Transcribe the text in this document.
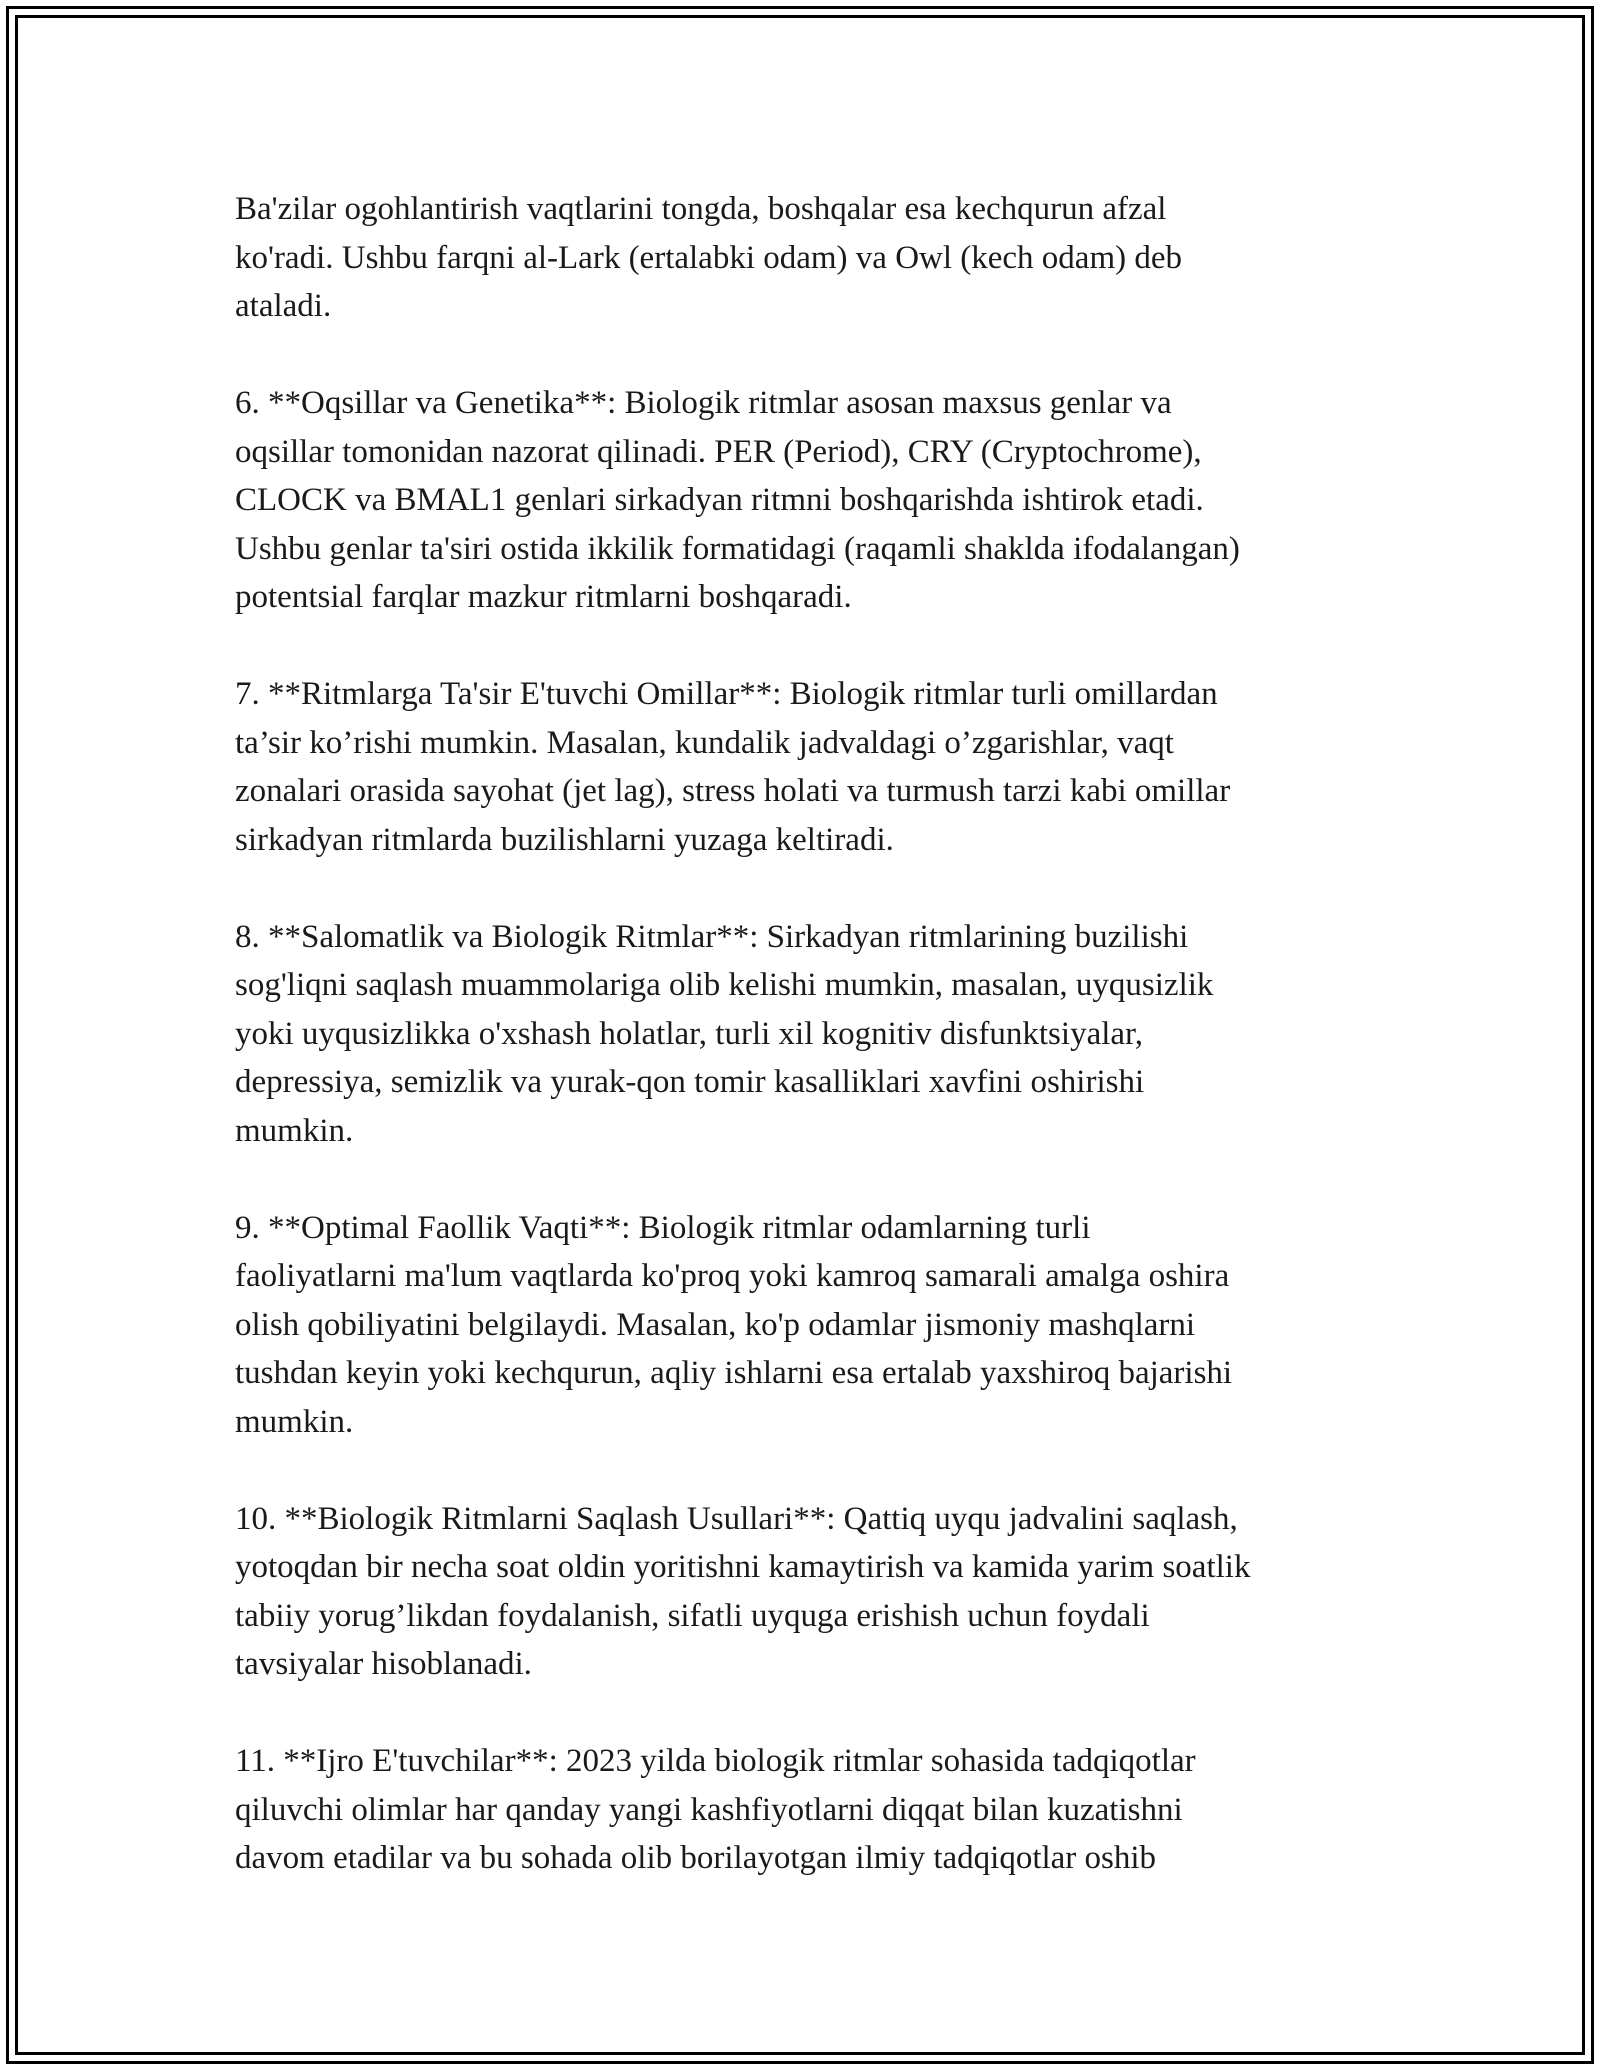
Ba'zilar ogohlantirish vaqtlarini tongda, boshqalar esa kechqurun afzal
ko'radi. Ushbu farqni al-Lark (ertalabki odam) va Owl (kech odam) deb
ataladi.

6. **Oqsillar va Genetika**: Biologik ritmlar asosan maxsus genlar va
oqsillar tomonidan nazorat qilinadi. PER (Period), CRY (Cryptochrome),
CLOCK va BMAL1 genlari sirkadyan ritmni boshqarishda ishtirok etadi.
Ushbu genlar ta'siri ostida ikkilik formatidagi (raqamli shaklda ifodalangan)
potentsial farqlar mazkur ritmlarni boshqaradi.

7. **Ritmlarga Ta'sir E'tuvchi Omillar**: Biologik ritmlar turli omillardan
ta’sir ko’rishi mumkin. Masalan, kundalik jadvaldagi o’zgarishlar, vaqt
zonalari orasida sayohat (jet lag), stress holati va turmush tarzi kabi omillar
sirkadyan ritmlarda buzilishlarni yuzaga keltiradi.

8. **Salomatlik va Biologik Ritmlar**: Sirkadyan ritmlarining buzilishi
sog'liqni saqlash muammolariga olib kelishi mumkin, masalan, uyqusizlik
yoki uyqusizlikka o'xshash holatlar, turli xil kognitiv disfunktsiyalar,
depressiya, semizlik va yurak-qon tomir kasalliklari xavfini oshirishi
mumkin.

9. **Optimal Faollik Vaqti**: Biologik ritmlar odamlarning turli
faoliyatlarni ma'lum vaqtlarda ko'proq yoki kamroq samarali amalga oshira
olish qobiliyatini belgilaydi. Masalan, ko'p odamlar jismoniy mashqlarni
tushdan keyin yoki kechqurun, aqliy ishlarni esa ertalab yaxshiroq bajarishi
mumkin.

10. **Biologik Ritmlarni Saqlash Usullari**: Qattiq uyqu jadvalini saqlash,
yotoqdan bir necha soat oldin yoritishni kamaytirish va kamida yarim soatlik
tabiiy yorug’likdan foydalanish, sifatli uyquga erishish uchun foydali
tavsiyalar hisoblanadi.

11. **Ijro E'tuvchilar**: 2023 yilda biologik ritmlar sohasida tadqiqotlar
qiluvchi olimlar har qanday yangi kashfiyotlarni diqqat bilan kuzatishni
davom etadilar va bu sohada olib borilayotgan ilmiy tadqiqotlar oshib
